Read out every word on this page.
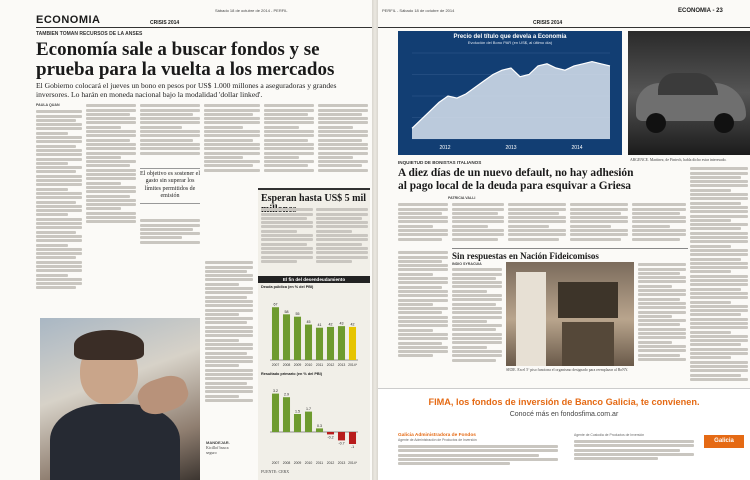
ECONOMIA
Sábado 18 de octubre de 2014 - PERFIL
CRISIS 2014
TAMBIEN TOMAN RECURSOS DE LA ANSES
Economía sale a buscar fondos y se
prueba para la vuelta a los mercados
El Gobierno colocará el jueves un bono en pesos por US$ 1.000 millones a aseguradoras y grandes inversores. Lo harán en moneda nacional bajo la modalidad 'dollar linked'.
PAULA QUAN
El objetivo es sostener el gasto sin superar los límites permitidos de emisión
MANDEJAR.
Kicillof busca seguro
Esperan hasta US$ 5 mil
El fin del desendeudamiento
Deuda pública (en % del PBI)
67
2007
58
2008
55
2009
45
2010
41
2011
42
2012
43
2013
42
2014*
Resultado primario (en % del PBI)
3.2
2007
2.9
2008
1.5
2009
1.7
2010
0.3
2011
-0.2
2012
-0.7
2013
-1
2014*
FUENTE: CERX
PERFIL - Sábado 18 de octubre de 2014	ECONOMIA - 23
CRISIS 2014
Precio del título que devela a Economía
Evolución del Bono PAR (en US$, al último día)
2012	2013	2014
ARGENCE. Martínez, de Fintech, habla dicho estar interesado.
INQUIETUD DE BONISTAS ITALIANOS
A diez días de un nuevo default, no hay adhesión
al pago local de la deuda para esquivar a Griesa
PATRICIA VALLI
Sin respuestas en Nación Fideicomisos
INDIO SYRACUIA
SEDE. En el 5º piso funciona el organismo designado para reemplazar al BoNY.
FIMA, los fondos de inversión de Banco Galicia, te convienen.
Conocé más en fondosfima.com.ar
Galicia Administradora de Fondos
Agente de Administración de Productos de Inversión
Agente de Custodia de Productos de Inversión
Galicia
